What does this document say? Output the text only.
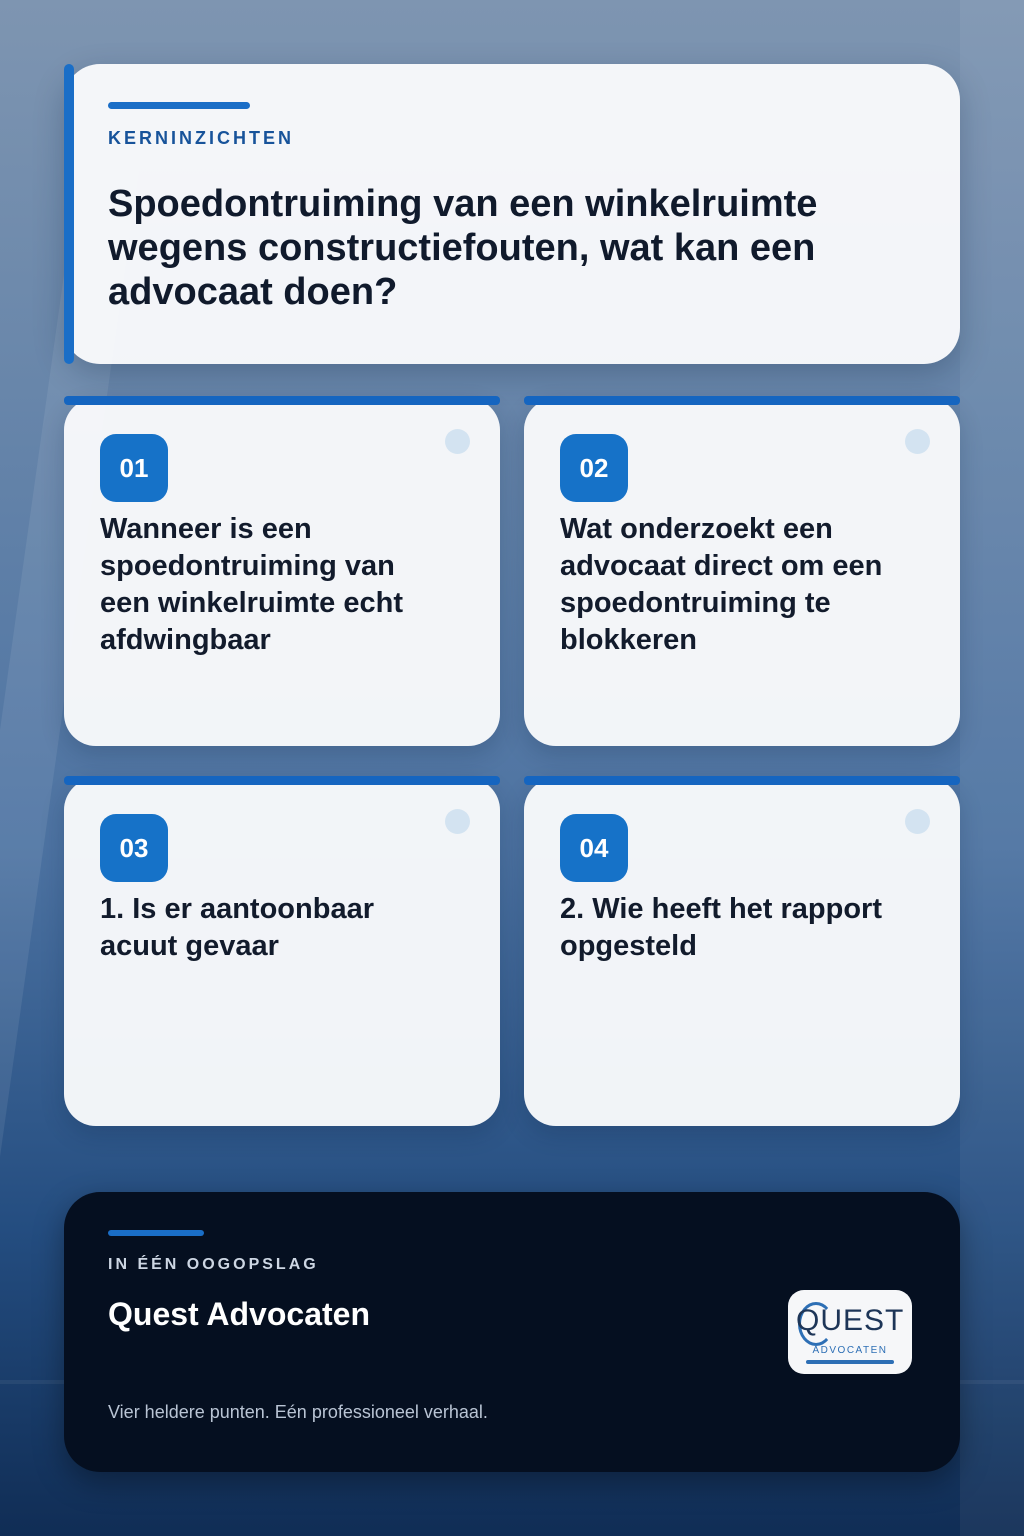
KERNINZICHTEN
Spoedontruiming van een winkelruimte wegens constructiefouten, wat kan een advocaat doen?
01

Wanneer is een spoedontruiming van een winkelruimte echt afdwingbaar

02

Wat onderzoekt een advocaat direct om een spoedontruiming te blokkeren

03

1. Is er aantoonbaar acuut gevaar

04

2. Wie heeft het rapport opgesteld

IN ÉÉN OOGOPSLAG
Quest Advocaten
Vier heldere punten. Eén professioneel verhaal.
QUEST
ADVOCATEN
